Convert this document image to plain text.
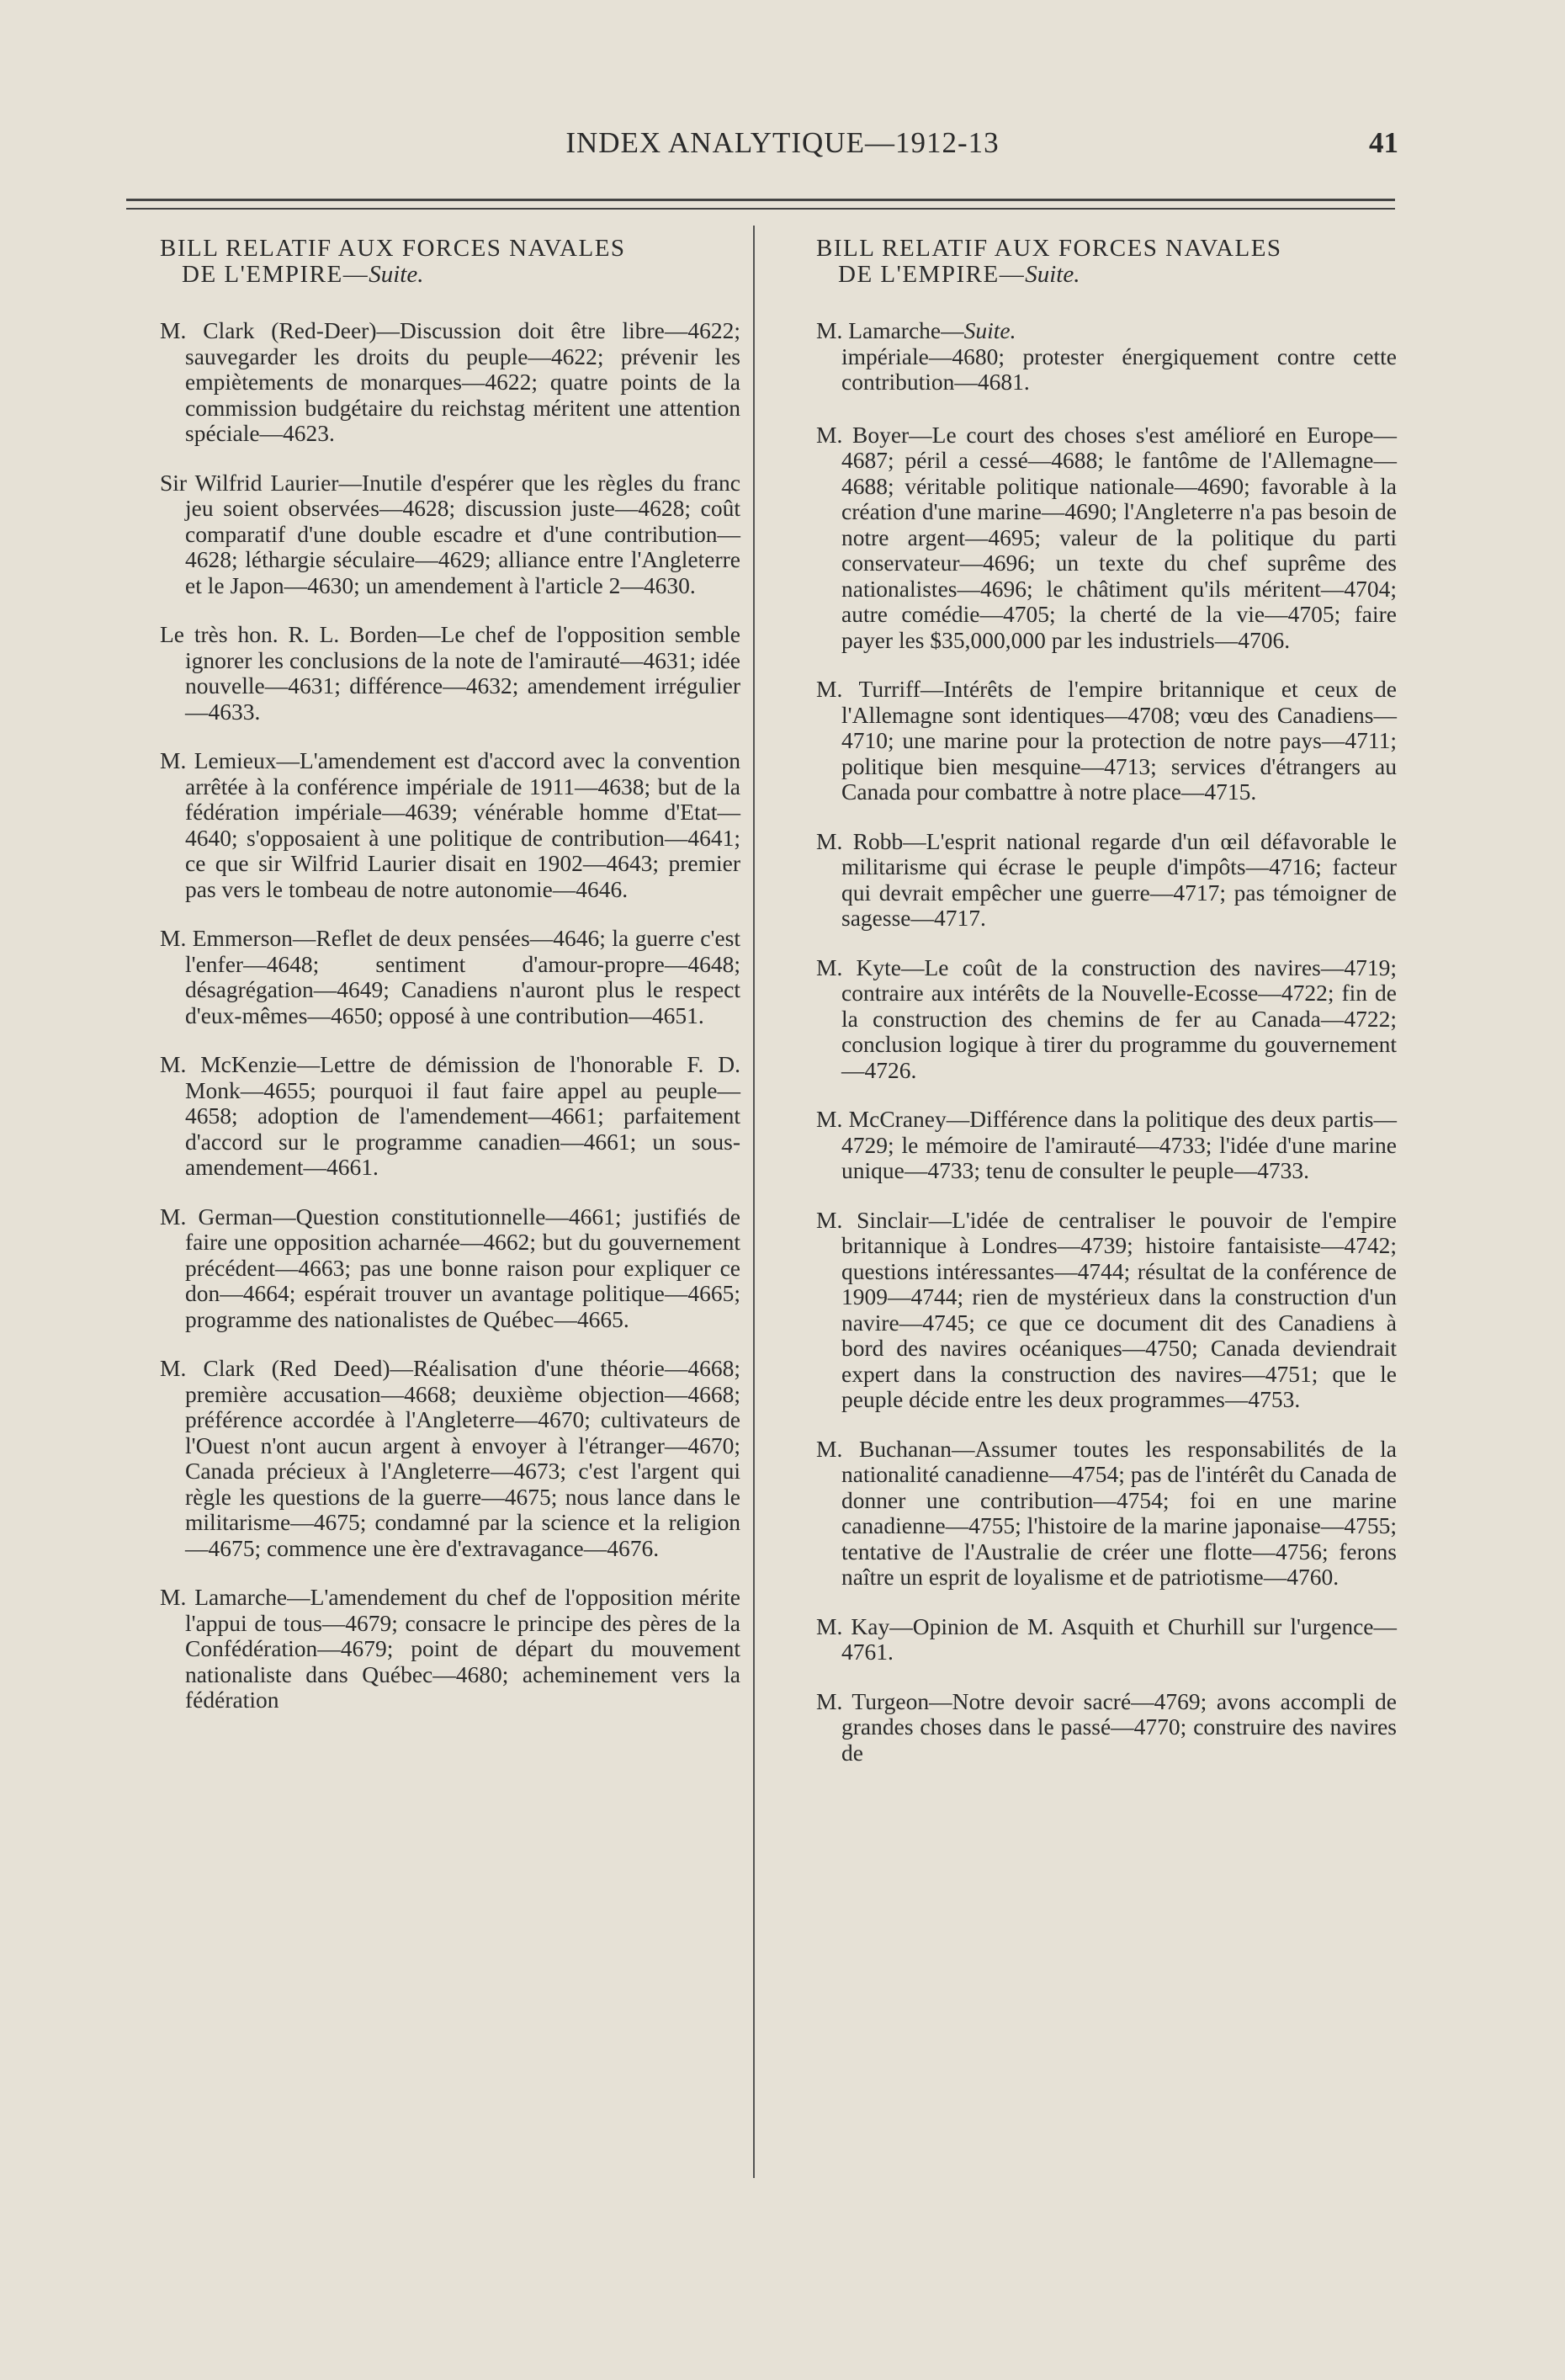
INDEX ANALYTIQUE—1912-13	41
BILL RELATIF AUX FORCES NAVALES
DE L'EMPIRE—Suite.

M. Clark (Red-Deer)—Discussion doit être libre—4622; sauvegarder les droits du peuple—4622; prévenir les empiètements de monarques—4622; quatre points de la commission budgétaire du reichstag méritent une attention spéciale—4623.

Sir Wilfrid Laurier—Inutile d'espérer que les règles du franc jeu soient observées—4628; discussion juste—4628; coût comparatif d'une double escadre et d'une contribution—4628; léthargie séculaire—4629; alliance entre l'Angleterre et le Japon—4630; un amendement à l'article 2—4630.

Le très hon. R. L. Borden—Le chef de l'opposition semble ignorer les conclusions de la note de l'amirauté—4631; idée nouvelle—4631; différence—4632; amendement irrégulier—4633.

M. Lemieux—L'amendement est d'accord avec la convention arrêtée à la conférence impériale de 1911—4638; but de la fédération impériale—4639; vénérable homme d'Etat—4640; s'opposaient à une politique de contribution—4641; ce que sir Wilfrid Laurier disait en 1902—4643; premier pas vers le tombeau de notre autonomie—4646.

M. Emmerson—Reflet de deux pensées—4646; la guerre c'est l'enfer—4648; sentiment d'amour-propre—4648; désagrégation—4649; Canadiens n'auront plus le respect d'eux-mêmes—4650; opposé à une contribution—4651.

M. McKenzie—Lettre de démission de l'honorable F. D. Monk—4655; pourquoi il faut faire appel au peuple—4658; adoption de l'amendement—4661; parfaitement d'accord sur le programme canadien—4661; un sous-amendement—4661.

M. German—Question constitutionnelle—4661; justifiés de faire une opposition acharnée—4662; but du gouvernement précédent—4663; pas une bonne raison pour expliquer ce don—4664; espérait trouver un avantage politique—4665; programme des nationalistes de Québec—4665.

M. Clark (Red Deed)—Réalisation d'une théorie—4668; première accusation—4668; deuxième objection—4668; préférence accordée à l'Angleterre—4670; cultivateurs de l'Ouest n'ont aucun argent à envoyer à l'étranger—4670; Canada précieux à l'Angleterre—4673; c'est l'argent qui règle les questions de la guerre—4675; nous lance dans le militarisme—4675; condamné par la science et la religion—4675; commence une ère d'extravagance—4676.

M. Lamarche—L'amendement du chef de l'opposition mérite l'appui de tous—4679; consacre le principe des pères de la Confédération—4679; point de départ du mouvement nationaliste dans Québec—4680; acheminement vers la fédération

BILL RELATIF AUX FORCES NAVALES
DE L'EMPIRE—Suite.

M. Lamarche—Suite.
impériale—4680; protester énergiquement contre cette contribution—4681.

M. Boyer—Le court des choses s'est amélioré en Europe—4687; péril a cessé—4688; le fantôme de l'Allemagne—4688; véritable politique nationale—4690; favorable à la création d'une marine—4690; l'Angleterre n'a pas besoin de notre argent—4695; valeur de la politique du parti conservateur—4696; un texte du chef suprême des nationalistes—4696; le châtiment qu'ils méritent—4704; autre comédie—4705; la cherté de la vie—4705; faire payer les $35,000,000 par les industriels—4706.

M. Turriff—Intérêts de l'empire britannique et ceux de l'Allemagne sont identiques—4708; vœu des Canadiens—4710; une marine pour la protection de notre pays—4711; politique bien mesquine—4713; services d'étrangers au Canada pour combattre à notre place—4715.

M. Robb—L'esprit national regarde d'un œil défavorable le militarisme qui écrase le peuple d'impôts—4716; facteur qui devrait empêcher une guerre—4717; pas témoigner de sagesse—4717.

M. Kyte—Le coût de la construction des navires—4719; contraire aux intérêts de la Nouvelle-Ecosse—4722; fin de la construction des chemins de fer au Canada—4722; conclusion logique à tirer du programme du gouvernement—4726.

M. McCraney—Différence dans la politique des deux partis—4729; le mémoire de l'amirauté—4733; l'idée d'une marine unique—4733; tenu de consulter le peuple—4733.

M. Sinclair—L'idée de centraliser le pouvoir de l'empire britannique à Londres—4739; histoire fantaisiste—4742; questions intéressantes—4744; résultat de la conférence de 1909—4744; rien de mystérieux dans la construction d'un navire—4745; ce que ce document dit des Canadiens à bord des navires océaniques—4750; Canada deviendrait expert dans la construction des navires—4751; que le peuple décide entre les deux programmes—4753.

M. Buchanan—Assumer toutes les responsabilités de la nationalité canadienne—4754; pas de l'intérêt du Canada de donner une contribution—4754; foi en une marine canadienne—4755; l'histoire de la marine japonaise—4755; tentative de l'Australie de créer une flotte—4756; ferons naître un esprit de loyalisme et de patriotisme—4760.

M. Kay—Opinion de M. Asquith et Churhill sur l'urgence—4761.

M. Turgeon—Notre devoir sacré—4769; avons accompli de grandes choses dans le passé—4770; construire des navires de
